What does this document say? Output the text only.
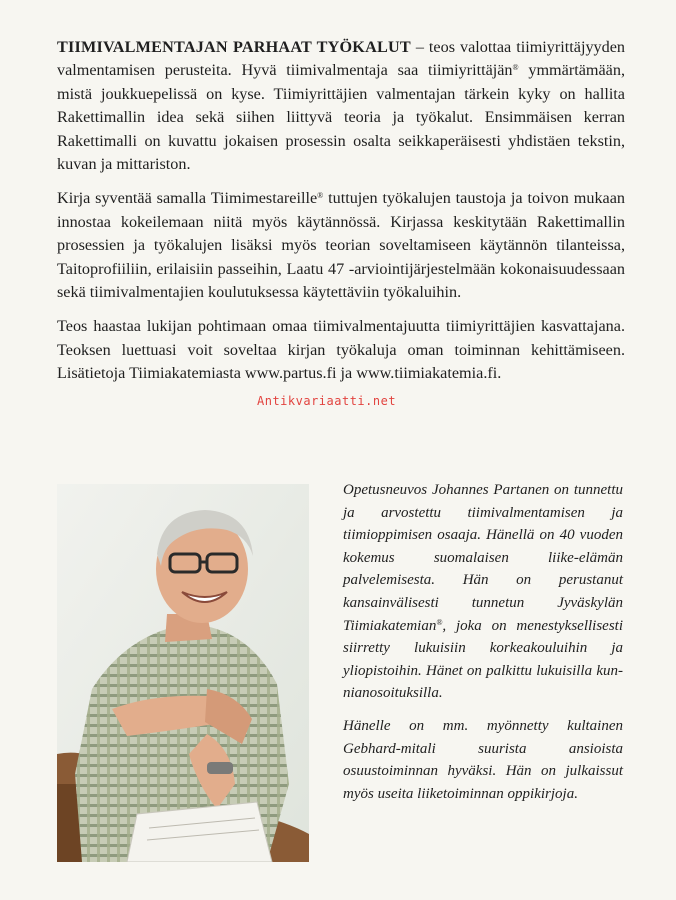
TIIMIVALMENTAJAN PARHAAT TYÖKALUT – teos valottaa tiimiyrittäjyyden valmentamisen perusteita. Hyvä tiimivalmentaja saa tiimiyrittäjän® ymmärtämään, mistä joukkuepelissä on kyse. Tiimiyrittäjien valmentajan tärkein kyky on hallita Rakettimallin idea sekä siihen liittyvä teoria ja työkalut. Ensimmäisen kerran Rakettimalli on kuvattu jokaisen prosessin osalta seikkaperäisesti yhdistäen tekstin, kuvan ja mittariston.

Kirja syventää samalla Tiimimestareille® tuttujen työkalujen taustoja ja toivon mukaan innostaa kokeilemaan niitä myös käytännössä. Kirjassa keskitytään Rakettimallin prosessien ja työkalujen lisäksi myös teorian soveltamiseen käytännön tilanteissa, Taitoprofiiliin, erilaisiin passeihin, Laatu 47 -arviointijärjestelmään kokonaisuudessaan sekä tiimivalmentajien koulutuksessa käytettäviin työkaluihin.

Teos haastaa lukijan pohtimaan omaa tiimivalmentajuutta tiimiyrittäjien kasvattajana. Teoksen luettuasi voit soveltaa kirjan työkaluja oman toiminnan kehittämiseen. Lisätietoja Tiimiakatemiasta www.partus.fi ja www.tiimiakatemia.fi.

Antikvariaatti.net

Opetusneuvos Johannes Partanen on tunnettu ja arvostettu tiimivalmentamisen ja tiimioppimisen osaaja. Hänellä on 40 vuoden kokemus suomalaisen liike-elämän palvelemisesta. Hän on perustanut kansainvälisesti tunnetun Jyväskylän Tiimiakatemian®, joka on menestyksellisesti siirretty lukuisiin korkeakouluihin ja yliopistoihin. Hänet on palkittu lukuisilla kunnianosoituksilla.

Hänelle on mm. myönnetty kultainen Gebhard-mitali suurista ansioista osuustoiminnan hyväksi. Hän on julkaissut myös useita liiketoiminnan oppikirjoja.
